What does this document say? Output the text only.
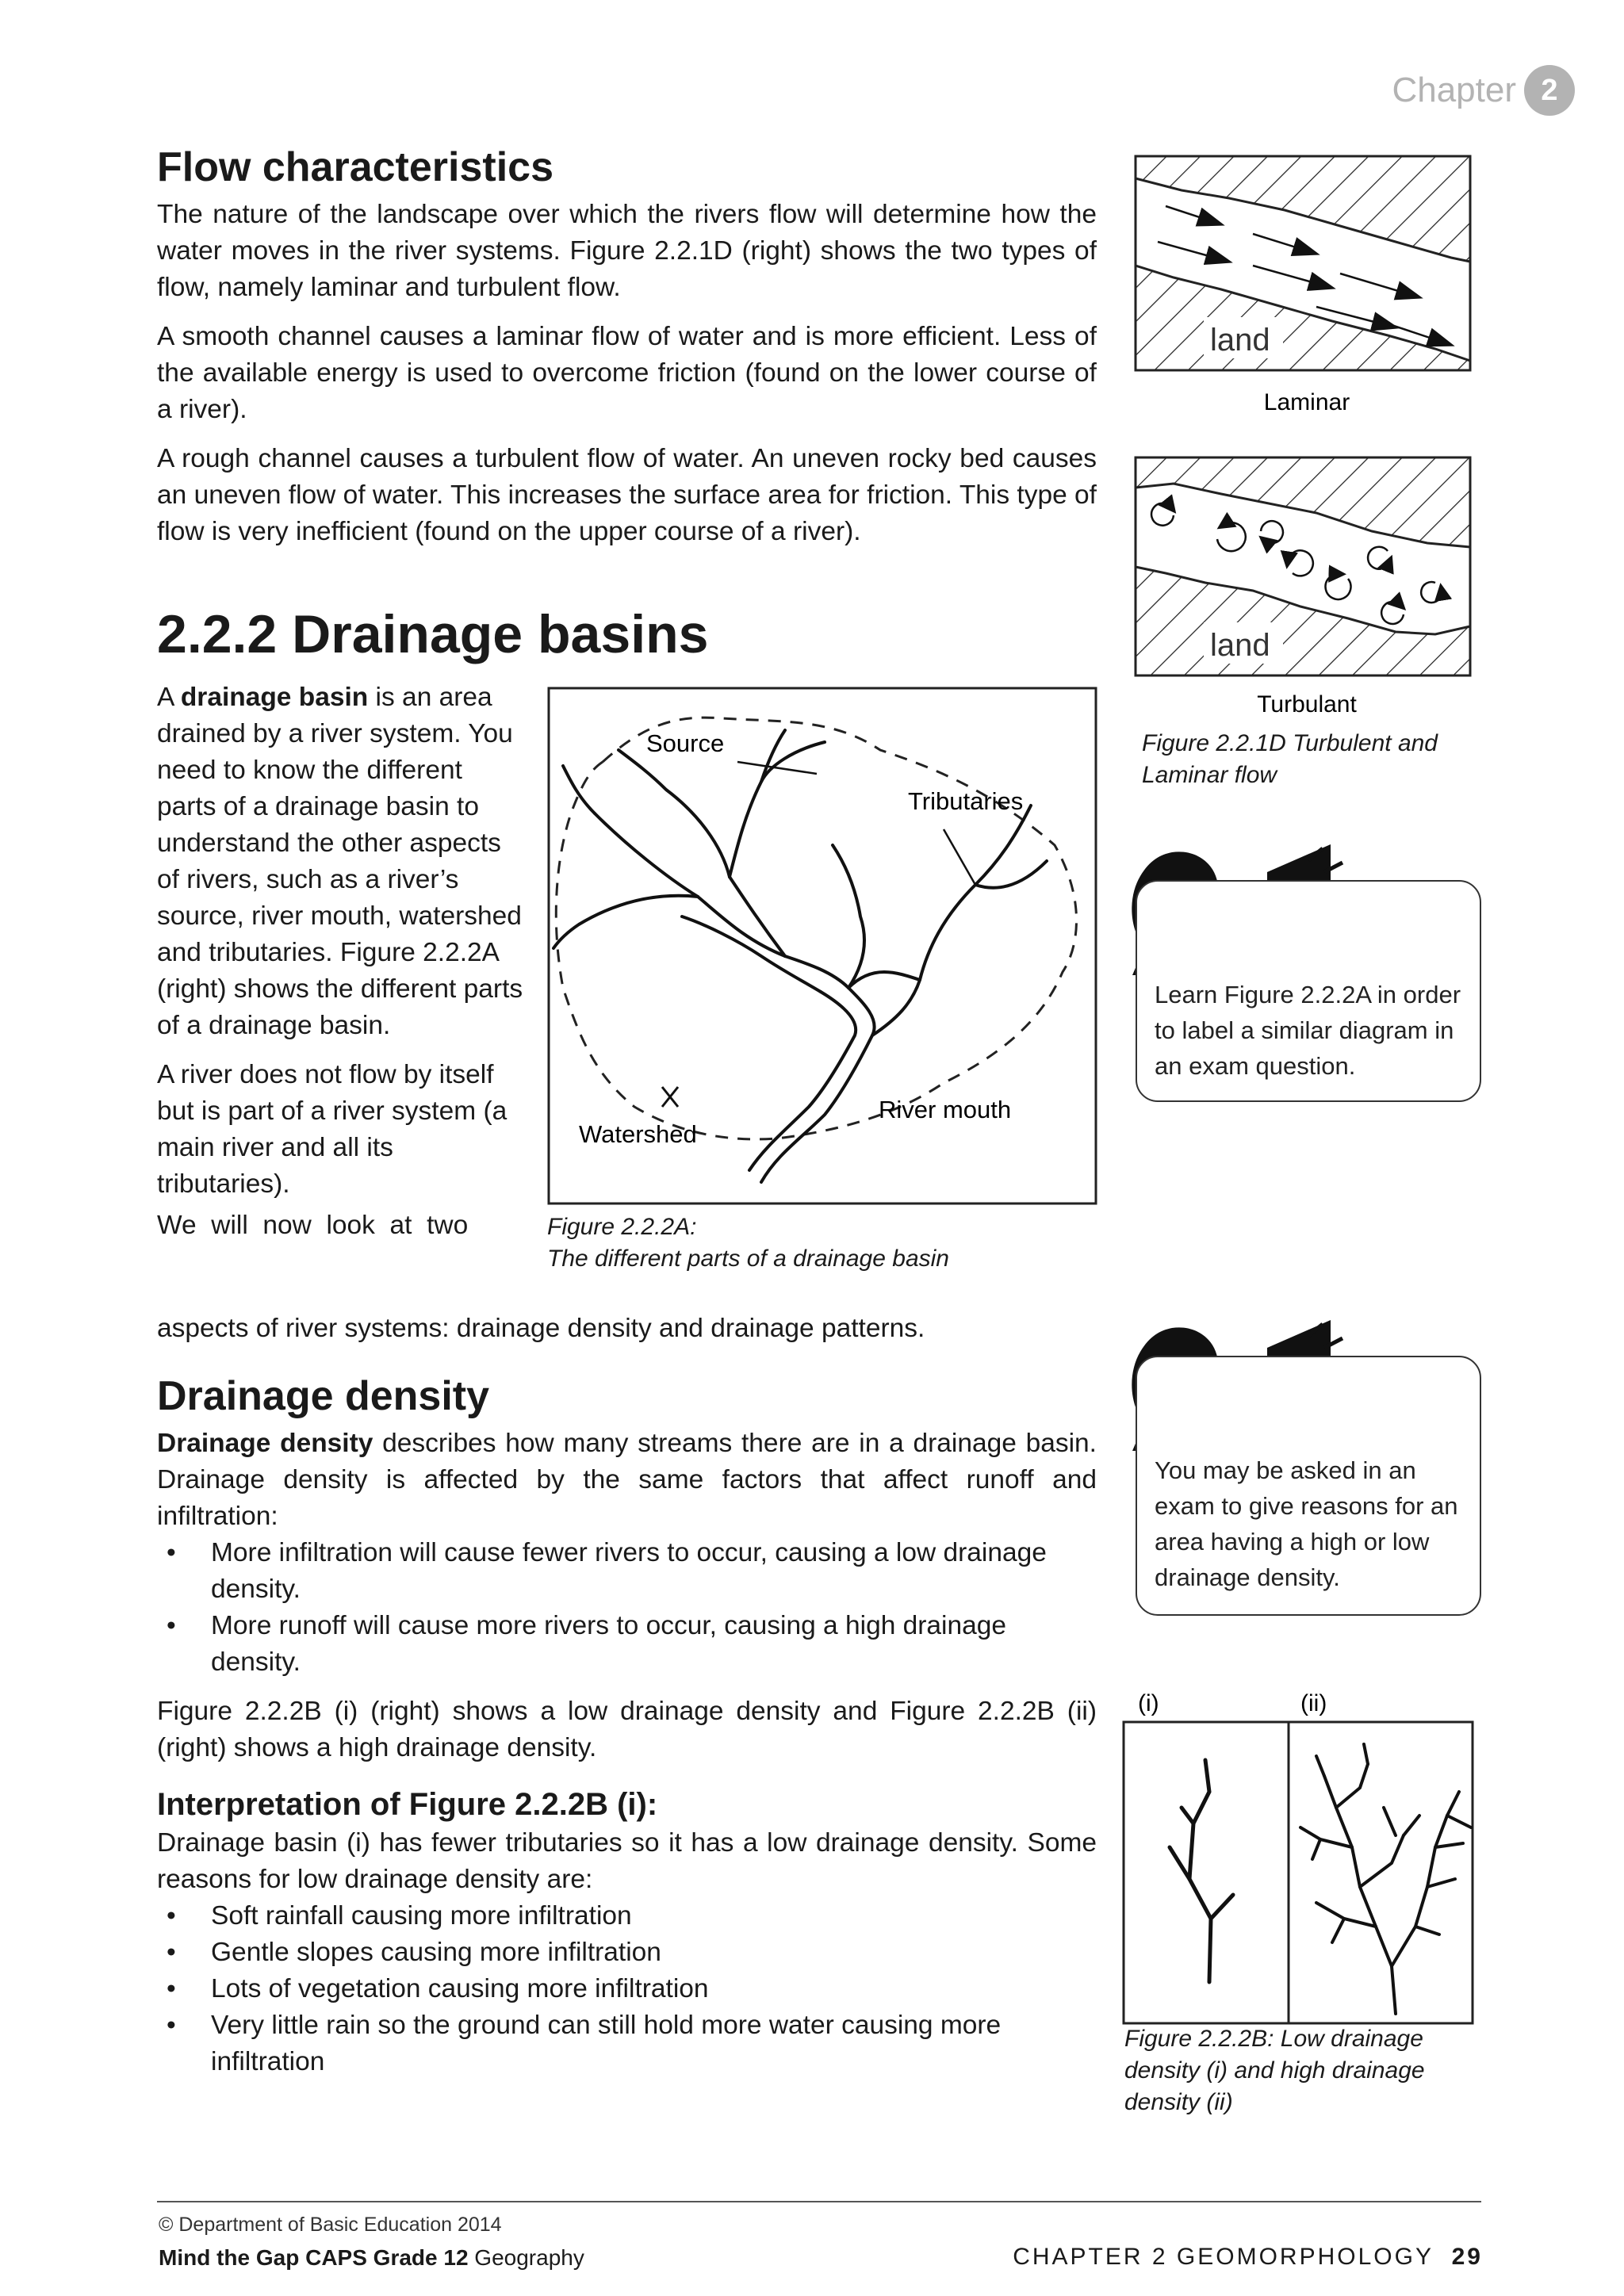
Chapter 2
Flow characteristics

The nature of the landscape over which the rivers flow will determine how the water moves in the river systems. Figure 2.2.1D (right) shows the two types of flow, namely laminar and turbulent flow.

A smooth channel causes a laminar flow of water and is more efficient. Less of the available energy is used to overcome friction (found on the lower course of a river).

A rough channel causes a turbulent flow of water. An uneven rocky bed causes an uneven flow of water. This increases the surface area for friction. This type of flow is very inefficient (found on the upper course of a river).

land
Laminar
land
Turbulant
Figure 2.2.1D Turbulent and Laminar flow
2.2.2 Drainage basins

A drainage basin is an area drained by a river system. You need to know the different parts of a drainage basin to understand the other aspects of rivers, such as a river’s source, river mouth, watershed and tributaries. Figure 2.2.2A (right) shows the different parts of a drainage basin.

A river does not flow by itself but is part of a river system (a main river and all its tributaries).

We  will  now  look  at  two

aspects of river systems: drainage density and drainage patterns.

Source
Tributaries
River mouth
Watershed
Figure 2.2.2A:
The different parts of a drainage basin
Learn Figure 2.2.2A in order to label a similar diagram in an exam question.
You may be asked in an exam to give reasons for an area having a high or low drainage density.
Drainage density

Drainage density describes how many streams there are in a drainage basin. Drainage density is affected by the same factors that affect runoff and infiltration:

• More infiltration will cause fewer rivers to occur, causing a low drainage density.
• More runoff will cause more rivers to occur, causing a high drainage density.

Figure 2.2.2B (i) (right) shows a low drainage density and Figure 2.2.2B (ii) (right) shows a high drainage density.

Interpretation of Figure 2.2.2B (i):

Drainage basin (i) has fewer tributaries so it has a low drainage density. Some reasons for low drainage density are:

• Soft rainfall causing more infiltration
• Gentle slopes causing more infiltration
• Lots of vegetation causing more infiltration
• Very little rain so the ground can still hold more water causing more infiltration
(i)	(ii)
Figure 2.2.2B: Low drainage density (i) and high drainage density (ii)
© Department of Basic Education 2014
Mind the Gap CAPS Grade 12 Geography	CHAPTER 2 GEOMORPHOLOGY 29
